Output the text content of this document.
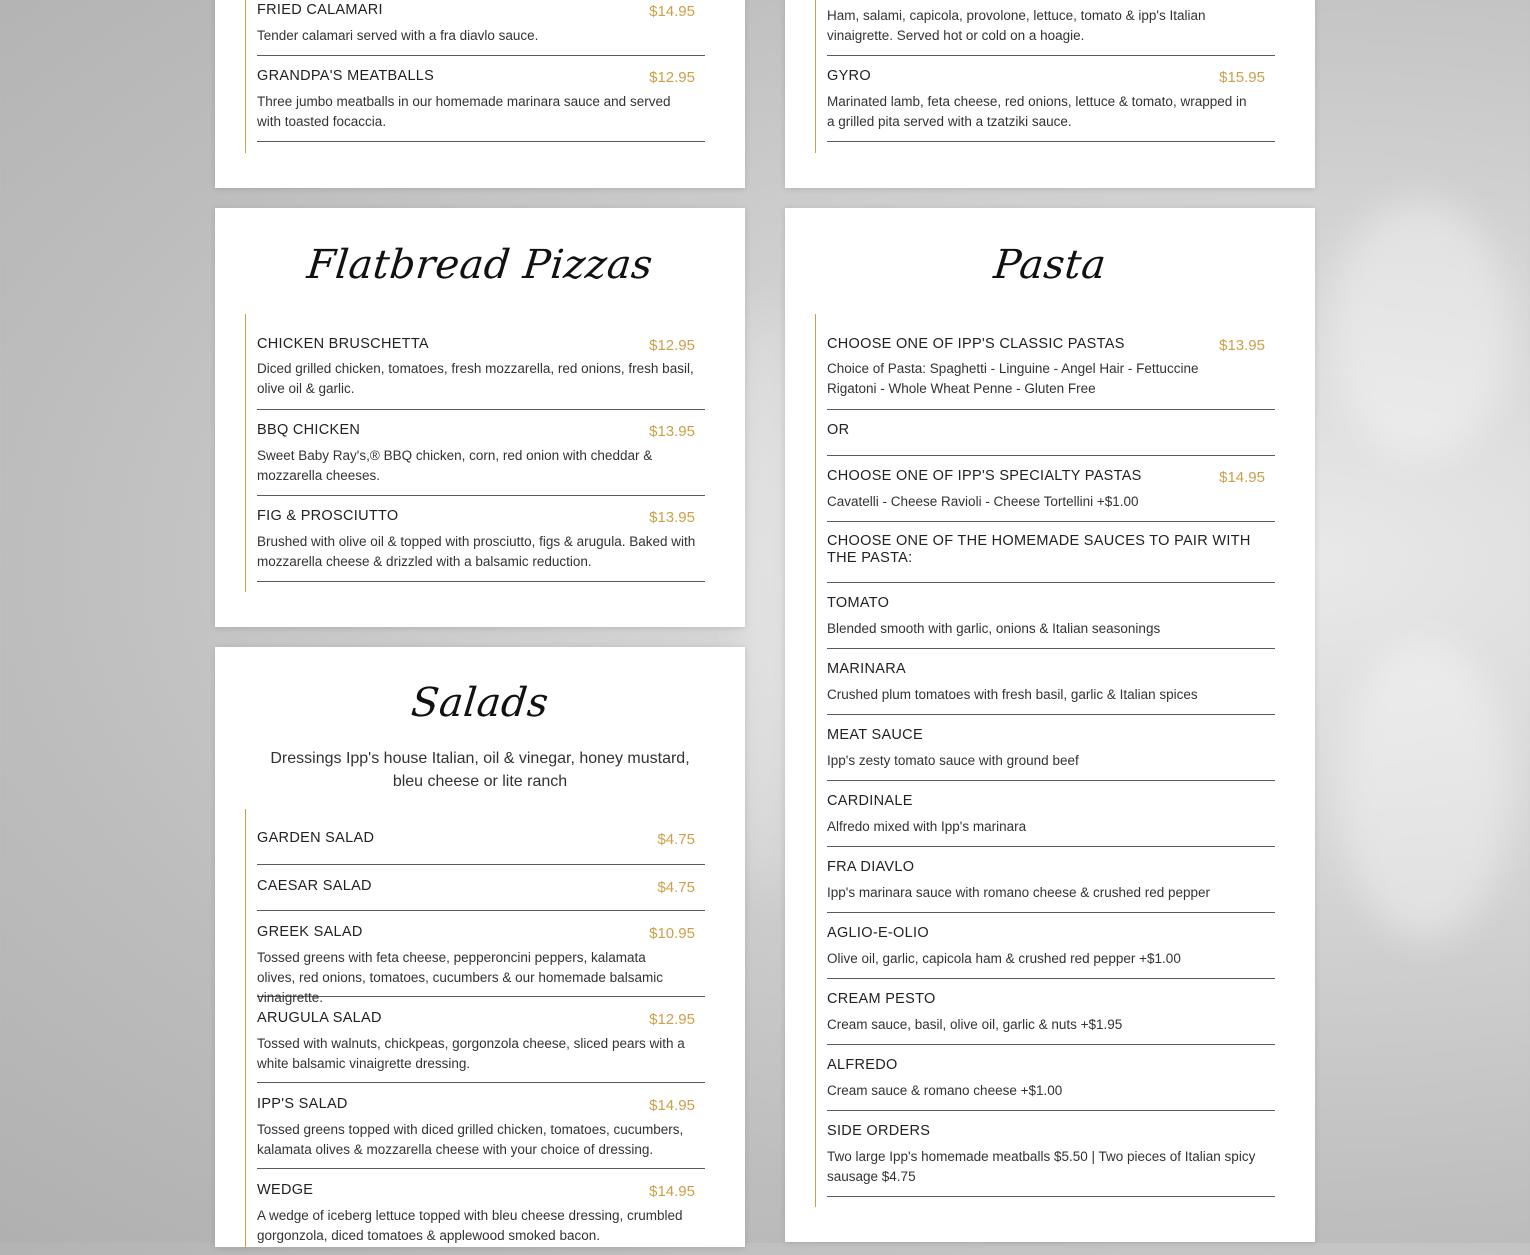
FRIED CALAMARI	$14.95
Tender calamari served with a fra diavlo sauce.
GRANDPA'S MEATBALLS	$12.95
Three jumbo meatballs in our homemade marinara sauce and served with toasted focaccia.
Ham, salami, capicola, provolone, lettuce, tomato & ipp's Italian vinaigrette. Served hot or cold on a hoagie.
GYRO	$15.95
Marinated lamb, feta cheese, red onions, lettuce & tomato, wrapped in a grilled pita served with a tzatziki sauce.
Flatbread Pizzas
CHICKEN BRUSCHETTA	$12.95
Diced grilled chicken, tomatoes, fresh mozzarella, red onions, fresh basil, olive oil & garlic.
BBQ CHICKEN	$13.95
Sweet Baby Ray's,® BBQ chicken, corn, red onion with cheddar & mozzarella cheeses.
FIG & PROSCIUTTO	$13.95
Brushed with olive oil & topped with prosciutto, figs & arugula. Baked with mozzarella cheese & drizzled with a balsamic reduction.
Salads
Dressings Ipp's house Italian, oil & vinegar, honey mustard, bleu cheese or lite ranch
GARDEN SALAD	$4.75
CAESAR SALAD	$4.75
GREEK SALAD	$10.95
Tossed greens with feta cheese, pepperoncini peppers, kalamata olives, red onions, tomatoes, cucumbers & our homemade balsamic vinaigrette.
ARUGULA SALAD	$12.95
Tossed with walnuts, chickpeas, gorgonzola cheese, sliced pears with a white balsamic vinaigrette dressing.
IPP'S SALAD	$14.95
Tossed greens topped with diced grilled chicken, tomatoes, cucumbers, kalamata olives & mozzarella cheese with your choice of dressing.
WEDGE	$14.95
A wedge of iceberg lettuce topped with bleu cheese dressing, crumbled gorgonzola, diced tomatoes & applewood smoked bacon.
Pasta
CHOOSE ONE OF IPP'S CLASSIC PASTAS	$13.95
Choice of Pasta: Spaghetti - Linguine - Angel Hair - Fettuccine Rigatoni - Whole Wheat Penne - Gluten Free
OR
CHOOSE ONE OF IPP'S SPECIALTY PASTAS	$14.95
Cavatelli - Cheese Ravioli - Cheese Tortellini +$1.00
CHOOSE ONE OF THE HOMEMADE SAUCES TO PAIR WITH THE PASTA:
TOMATO
Blended smooth with garlic, onions & Italian seasonings
MARINARA
Crushed plum tomatoes with fresh basil, garlic & Italian spices
MEAT SAUCE
Ipp's zesty tomato sauce with ground beef
CARDINALE
Alfredo mixed with Ipp's marinara
FRA DIAVLO
Ipp's marinara sauce with romano cheese & crushed red pepper
AGLIO-E-OLIO
Olive oil, garlic, capicola ham & crushed red pepper +$1.00
CREAM PESTO
Cream sauce, basil, olive oil, garlic & nuts +$1.95
ALFREDO
Cream sauce & romano cheese +$1.00
SIDE ORDERS
Two large Ipp's homemade meatballs $5.50 | Two pieces of Italian spicy sausage $4.75
